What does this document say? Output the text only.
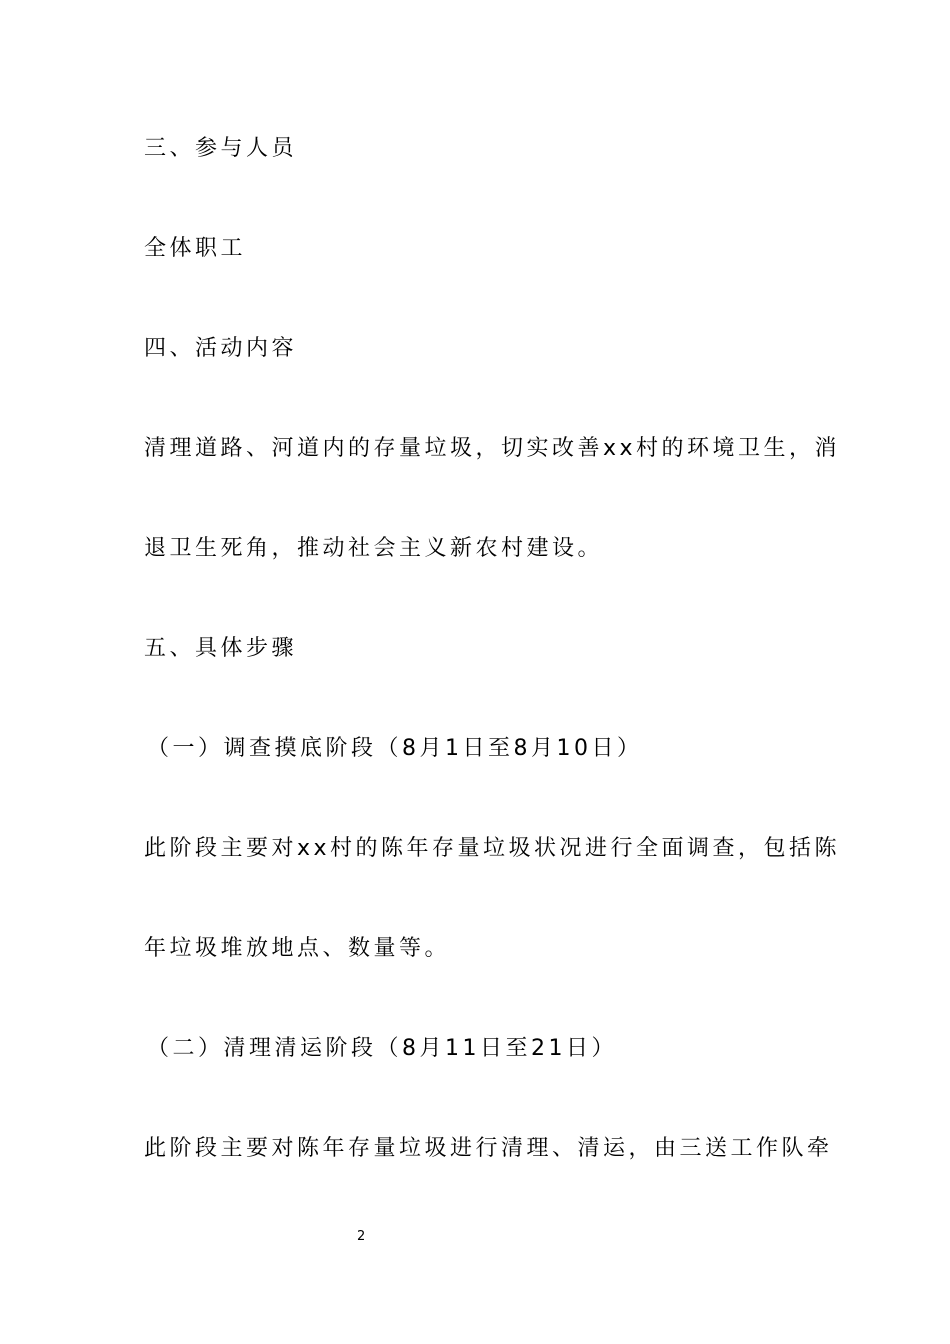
三、参与人员

全体职工

四、活动内容

清理道路、河道内的存量垃圾，切实改善xx村的环境卫生，消

退卫生死角，推动社会主义新农村建设。

五、具体步骤

（一）调查摸底阶段（8月1日至8月10日）

此阶段主要对xx村的陈年存量垃圾状况进行全面调查，包括陈

年垃圾堆放地点、数量等。

（二）清理清运阶段（8月11日至21日）

此阶段主要对陈年存量垃圾进行清理、清运，由三送工作队牵

2
